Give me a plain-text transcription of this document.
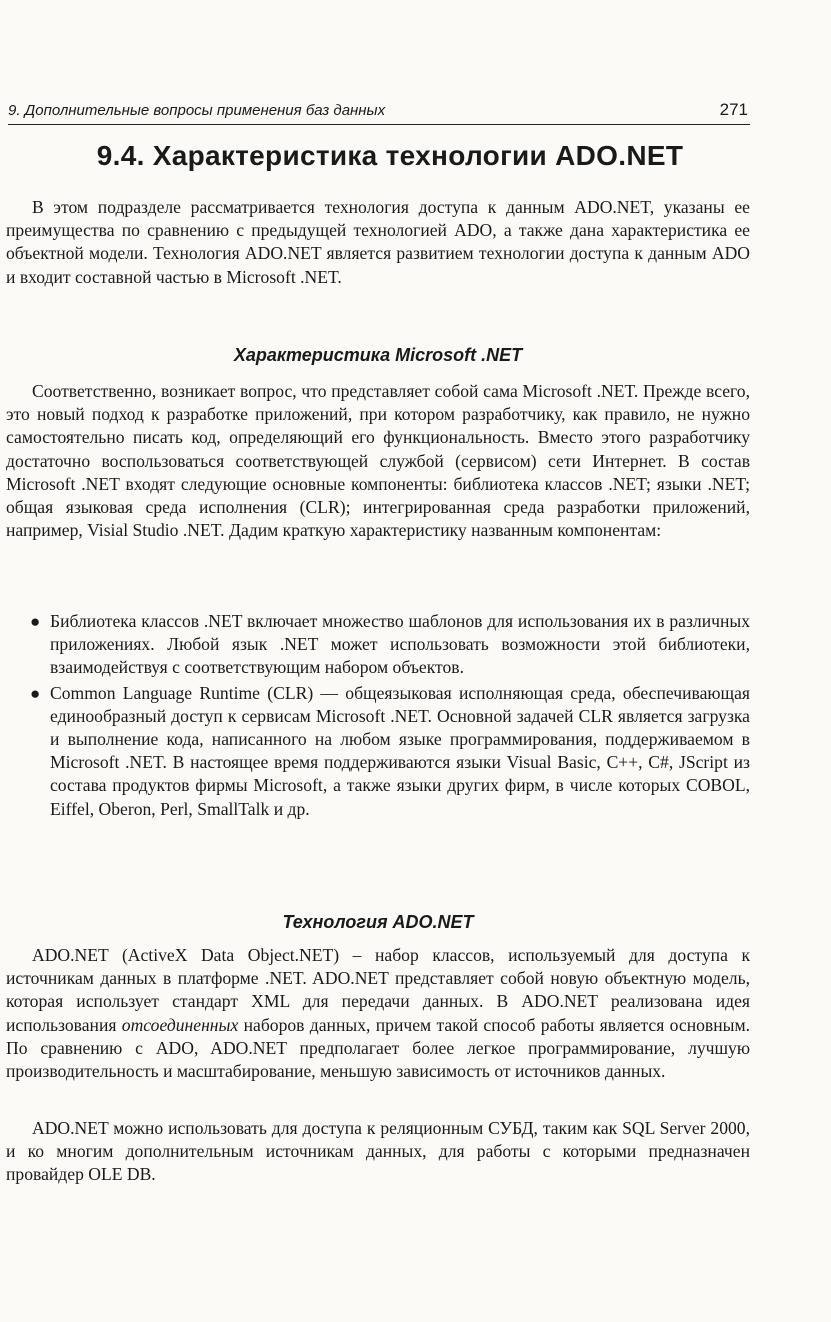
9. Дополнительные вопросы применения баз данных	271
9.4. Характеристика технологии ADO.NET

В этом подразделе рассматривается технология доступа к данным ADO.NET, указаны ее преимущества по сравнению с предыдущей технологией ADO, а также дана характеристика ее объектной модели. Технология ADO.NET является развитием технологии доступа к данным ADO и входит составной частью в Microsoft .NET.

Характеристика Microsoft .NET

Соответственно, возникает вопрос, что представляет собой сама Microsoft .NET. Прежде всего, это новый подход к разработке приложений, при котором разработчику, как правило, не нужно самостоятельно писать код, определяющий его функциональность. Вместо этого разработчику достаточно воспользоваться соответствующей службой (сервисом) сети Интернет. В состав Microsoft .NET входят следующие основные компоненты: библиотека классов .NET; языки .NET; общая языковая среда исполнения (CLR); интегрированная среда разработки приложений, например, Visial Studio .NET. Дадим краткую характеристику названным компонентам:

● Библиотека классов .NET включает множество шаблонов для использования их в различных приложениях. Любой язык .NET может использовать возможности этой библиотеки, взаимодействуя с соответствующим набором объектов.
● Common Language Runtime (CLR) — общеязыковая исполняющая среда, обеспечивающая единообразный доступ к сервисам Microsoft .NET. Основной задачей CLR является загрузка и выполнение кода, написанного на любом языке программирования, поддерживаемом в Microsoft .NET. В настоящее время поддерживаются языки Visual Basic, C++, C#, JScript из состава продуктов фирмы Microsoft, а также языки других фирм, в числе которых COBOL, Eiffel, Oberon, Perl, SmallTalk и др.
Технология ADO.NET

ADO.NET (ActiveX Data Object.NET) – набор классов, используемый для доступа к источникам данных в платформе .NET. ADO.NET представляет собой новую объектную модель, которая использует стандарт XML для передачи данных. В ADO.NET реализована идея использования отсоединенных наборов данных, причем такой способ работы является основным. По сравнению с ADO, ADO.NET предполагает более легкое программирование, лучшую производительность и масштабирование, меньшую зависимость от источников данных.

ADO.NET можно использовать для доступа к реляционным СУБД, таким как SQL Server 2000, и ко многим дополнительным источникам данных, для работы с которыми предназначен провайдер OLE DB.
